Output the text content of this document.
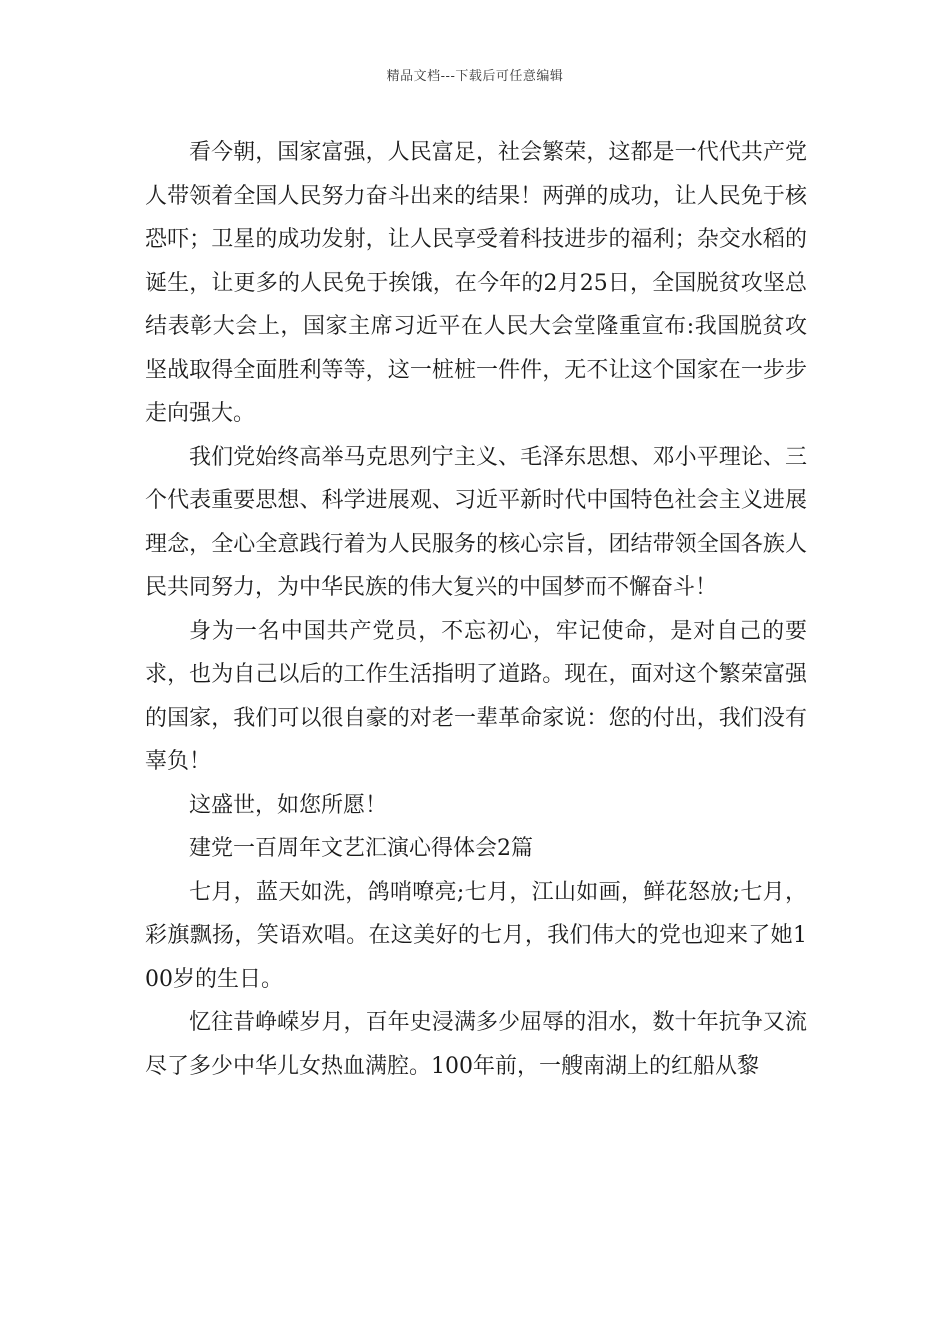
精品文档---下载后可任意编辑

看今朝，国家富强，人民富足，社会繁荣，这都是一代代共产党人带领着全国人民努力奋斗出来的结果！两弹的成功，让人民免于核恐吓；卫星的成功发射，让人民享受着科技进步的福利；杂交水稻的诞生，让更多的人民免于挨饿，在今年的2月25日，全国脱贫攻坚总结表彰大会上，国家主席习近平在人民大会堂隆重宣布:我国脱贫攻坚战取得全面胜利等等，这一桩桩一件件，无不让这个国家在一步步走向强大。

我们党始终高举马克思列宁主义、毛泽东思想、邓小平理论、三个代表重要思想、科学进展观、习近平新时代中国特色社会主义进展理念，全心全意践行着为人民服务的核心宗旨，团结带领全国各族人民共同努力，为中华民族的伟大复兴的中国梦而不懈奋斗！

身为一名中国共产党员，不忘初心，牢记使命，是对自己的要求，也为自己以后的工作生活指明了道路。现在，面对这个繁荣富强的国家，我们可以很自豪的对老一辈革命家说：您的付出，我们没有辜负！

这盛世，如您所愿！

建党一百周年文艺汇演心得体会2篇

七月，蓝天如洗，鸽哨嘹亮;七月，江山如画，鲜花怒放;七月，彩旗飘扬，笑语欢唱。在这美好的七月，我们伟大的党也迎来了她100岁的生日。

忆往昔峥嵘岁月，百年史浸满多少屈辱的泪水，数十年抗争又流尽了多少中华儿女热血满腔。100年前，一艘南湖上的红船从黎
